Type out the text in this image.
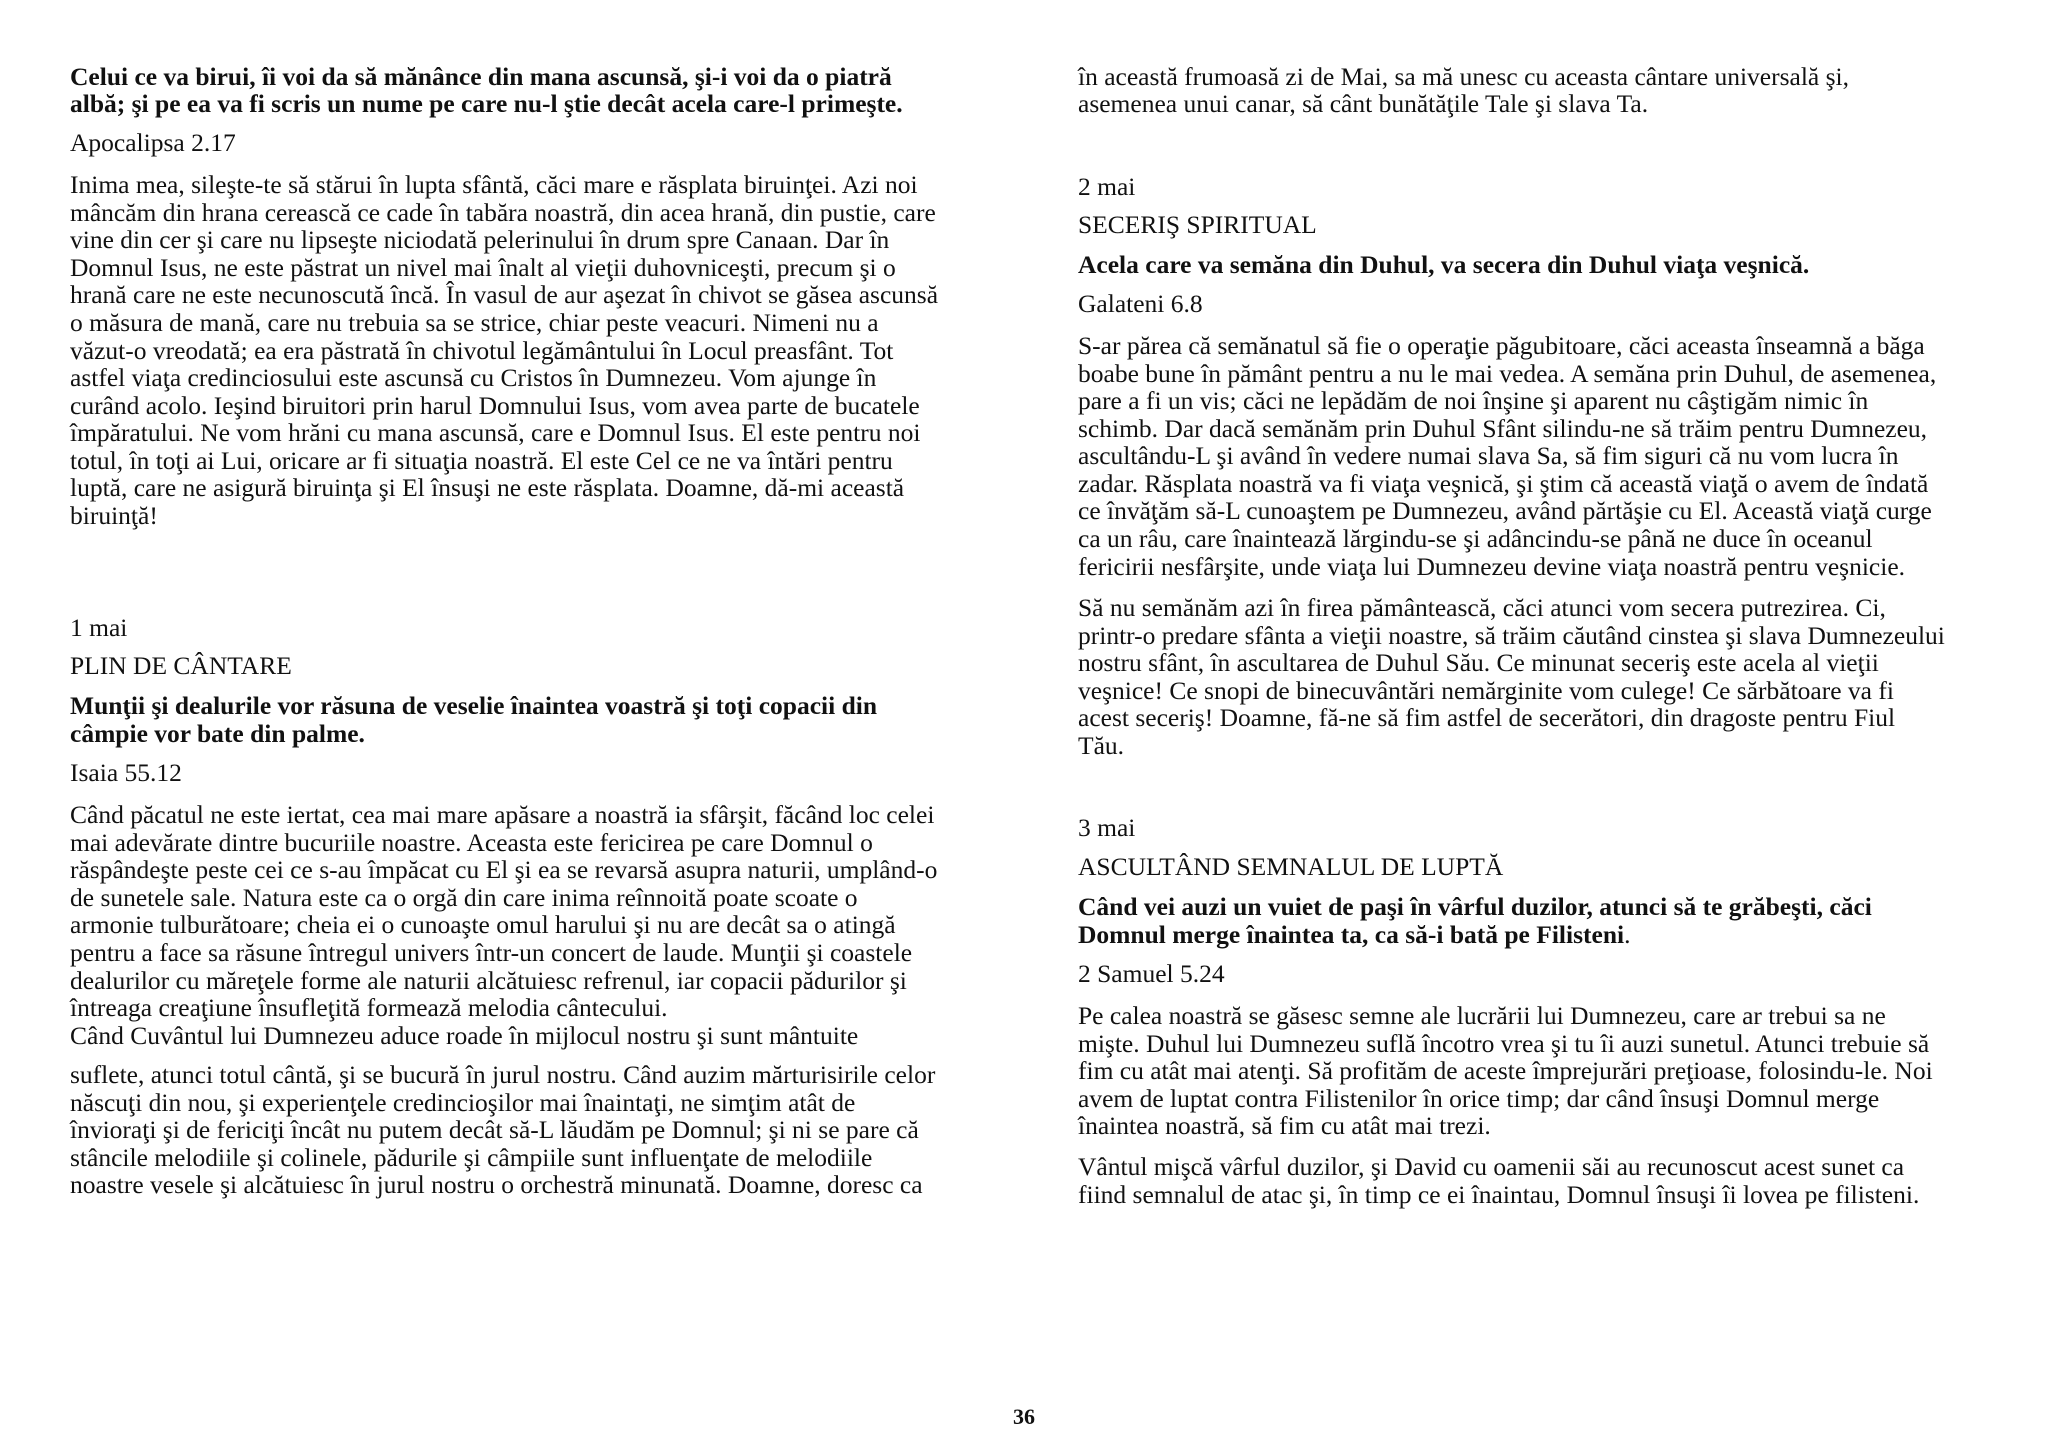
Celui ce va birui, îi voi da să mănânce din mana ascunsă, şi-i voi da o piatră
albă; şi pe ea va fi scris un nume pe care nu-l ştie decât acela care-l primeşte.
Apocalipsa 2.17
Inima mea, sileşte-te să stărui în lupta sfântă, căci mare e răsplata biruinţei. Azi noi
mâncăm din hrana cerească ce cade în tabăra noastră, din acea hrană, din pustie, care
vine din cer şi care nu lipseşte niciodată pelerinului în drum spre Canaan. Dar în
Domnul Isus, ne este păstrat un nivel mai înalt al vieţii duhovniceşti, precum şi o
hrană care ne este necunoscută încă. În vasul de aur aşezat în chivot se găsea ascunsă
o măsura de mană, care nu trebuia sa se strice, chiar peste veacuri. Nimeni nu a
văzut-o vreodată; ea era păstrată în chivotul legământului în Locul preasfânt. Tot
astfel viaţa credinciosului este ascunsă cu Cristos în Dumnezeu. Vom ajunge în
curând acolo. Ieşind biruitori prin harul Domnului Isus, vom avea parte de bucatele
împăratului. Ne vom hrăni cu mana ascunsă, care e Domnul Isus. El este pentru noi
totul, în toţi ai Lui, oricare ar fi situaţia noastră. El este Cel ce ne va întări pentru
luptă, care ne asigură biruinţa şi El însuşi ne este răsplata. Doamne, dă-mi această
biruinţă!
1 mai
PLIN DE CÂNTARE
Munţii şi dealurile vor răsuna de veselie înaintea voastră şi toţi copacii din
câmpie vor bate din palme.
Isaia 55.12
Când păcatul ne este iertat, cea mai mare apăsare a noastră ia sfârşit, făcând loc celei
mai adevărate dintre bucuriile noastre. Aceasta este fericirea pe care Domnul o
răspândeşte peste cei ce s-au împăcat cu El şi ea se revarsă asupra naturii, umplând-o
de sunetele sale. Natura este ca o orgă din care inima reînnoită poate scoate o
armonie tulburătoare; cheia ei o cunoaşte omul harului şi nu are decât sa o atingă
pentru a face sa răsune întregul univers într-un concert de laude. Munţii şi coastele
dealurilor cu măreţele forme ale naturii alcătuiesc refrenul, iar copacii pădurilor şi
întreaga creaţiune însufleţită formează melodia cântecului.
Când Cuvântul lui Dumnezeu aduce roade în mijlocul nostru şi sunt mântuite
suflete, atunci totul cântă, şi se bucură în jurul nostru. Când auzim mărturisirile celor
născuţi din nou, şi experienţele credincioşilor mai înaintaţi, ne simţim atât de
învioraţi şi de fericiţi încât nu putem decât să-L lăudăm pe Domnul; şi ni se pare că
stâncile melodiile şi colinele, pădurile şi câmpiile sunt influenţate de melodiile
noastre vesele şi alcătuiesc în jurul nostru o orchestră minunată. Doamne, doresc ca
în această frumoasă zi de Mai, sa mă unesc cu aceasta cântare universală şi,
asemenea unui canar, să cânt bunătăţile Tale şi slava Ta.
2 mai
SECERIŞ SPIRITUAL
Acela care va semăna din Duhul, va secera din Duhul viaţa veşnică.
Galateni 6.8
S-ar părea că semănatul să fie o operaţie păgubitoare, căci aceasta înseamnă a băga
boabe bune în pământ pentru a nu le mai vedea. A semăna prin Duhul, de asemenea,
pare a fi un vis; căci ne lepădăm de noi înşine şi aparent nu câştigăm nimic în
schimb. Dar dacă semănăm prin Duhul Sfânt silindu-ne să trăim pentru Dumnezeu,
ascultându-L şi având în vedere numai slava Sa, să fim siguri că nu vom lucra în
zadar. Răsplata noastră va fi viaţa veşnică, şi ştim că această viaţă o avem de îndată
ce învăţăm să-L cunoaştem pe Dumnezeu, având părtăşie cu El. Această viaţă curge
ca un râu, care înaintează lărgindu-se şi adâncindu-se până ne duce în oceanul
fericirii nesfârşite, unde viaţa lui Dumnezeu devine viaţa noastră pentru veşnicie.
Să nu semănăm azi în firea pământească, căci atunci vom secera putrezirea. Ci,
printr-o predare sfânta a vieţii noastre, să trăim căutând cinstea şi slava Dumnezeului
nostru sfânt, în ascultarea de Duhul Său. Ce minunat seceriş este acela al vieţii
veşnice! Ce snopi de binecuvântări nemărginite vom culege! Ce sărbătoare va fi
acest seceriş! Doamne, fă-ne să fim astfel de secerători, din dragoste pentru Fiul
Tău.
3 mai
ASCULTÂND SEMNALUL DE LUPTĂ
Când vei auzi un vuiet de paşi în vârful duzilor, atunci să te grăbeşti, căci
Domnul merge înaintea ta, ca să-i bată pe Filisteni.
2 Samuel 5.24
Pe calea noastră se găsesc semne ale lucrării lui Dumnezeu, care ar trebui sa ne
mişte. Duhul lui Dumnezeu suflă încotro vrea şi tu îi auzi sunetul. Atunci trebuie să
fim cu atât mai atenţi. Să profităm de aceste împrejurări preţioase, folosindu-le. Noi
avem de luptat contra Filistenilor în orice timp; dar când însuşi Domnul merge
înaintea noastră, să fim cu atât mai trezi.
Vântul mişcă vârful duzilor, şi David cu oamenii săi au recunoscut acest sunet ca
fiind semnalul de atac şi, în timp ce ei înaintau, Domnul însuşi îi lovea pe filisteni.
36
